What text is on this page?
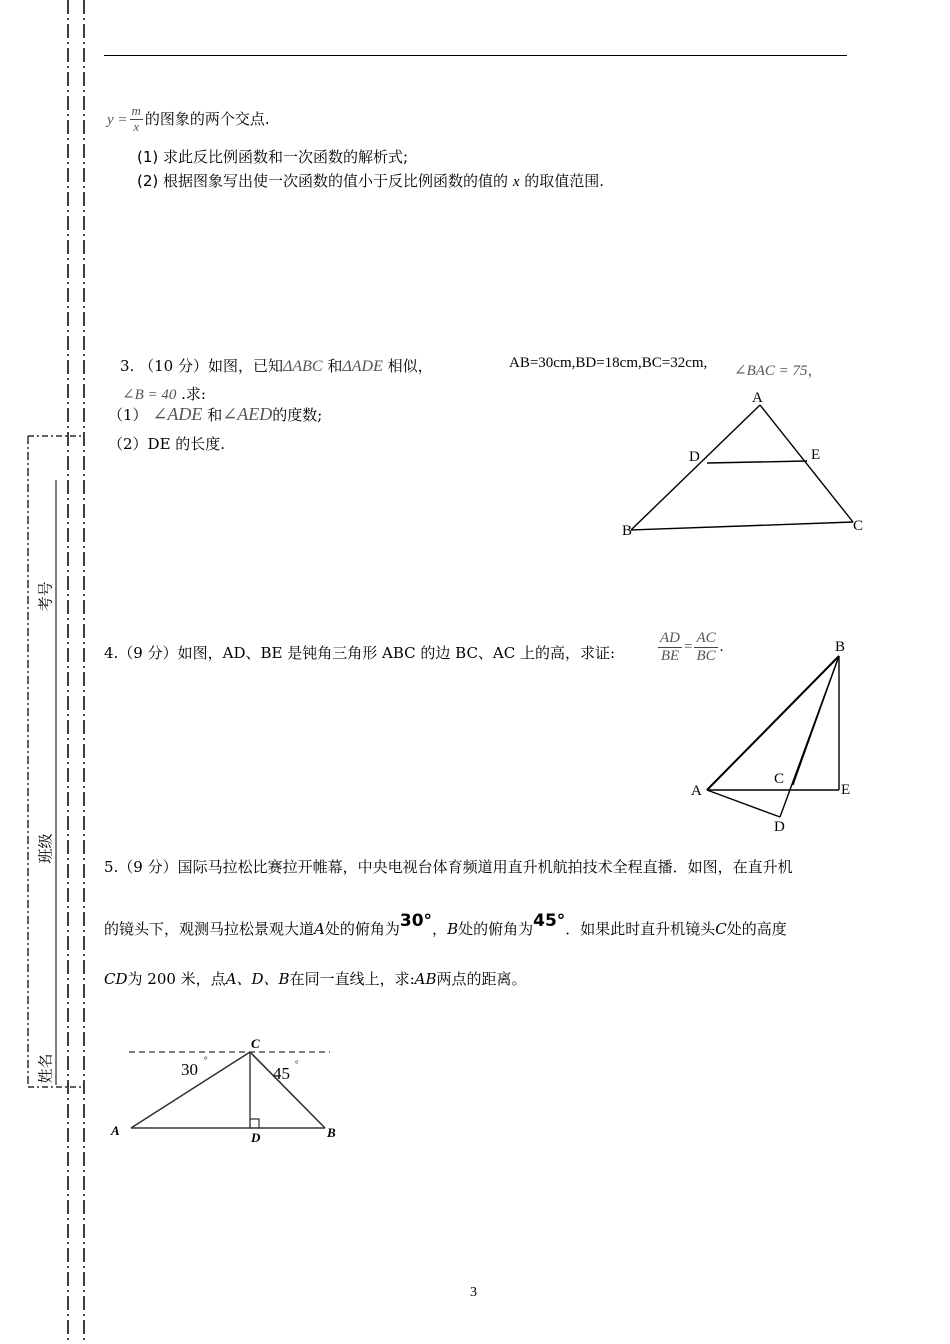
考号
班级
姓名
$y = \frac{m}{x}$ 的图象的两个交点.
(1) 求此反比例函数和一次函数的解析式;
(2) 根据图象写出使一次函数的值小于反比例函数的值的 x 的取值范围.
3. （10 分）如图，已知ΔABC 和ΔADE 相似，	AB=30cm,BD=18cm,BC=32cm, ∠BAC = 75，
∠B = 40 .求:
（1） ∠ADE 和∠AED的度数;
（2）DE 的长度.
A
D	E
B	C
4.（9 分）如图，AD、BE 是钝角三角形 ABC 的边 BC、AC 上的高，求证:	$\frac{AD}{BE} = \frac{AC}{BC}$ .	B
A
C
E
D
5.（9 分）国际马拉松比赛拉开帷幕，中央电视台体育频道用直升机航拍技术全程直播．如图，在直升机
的镜头下，观测马拉松景观大道A处的俯角为30°，B处的俯角为45°．如果此时直升机镜头C处的高度
CD为 200 米，点A、D、B在同一直线上，求:AB两点的距离。
C
A	D	B
30 °
45 °
3
